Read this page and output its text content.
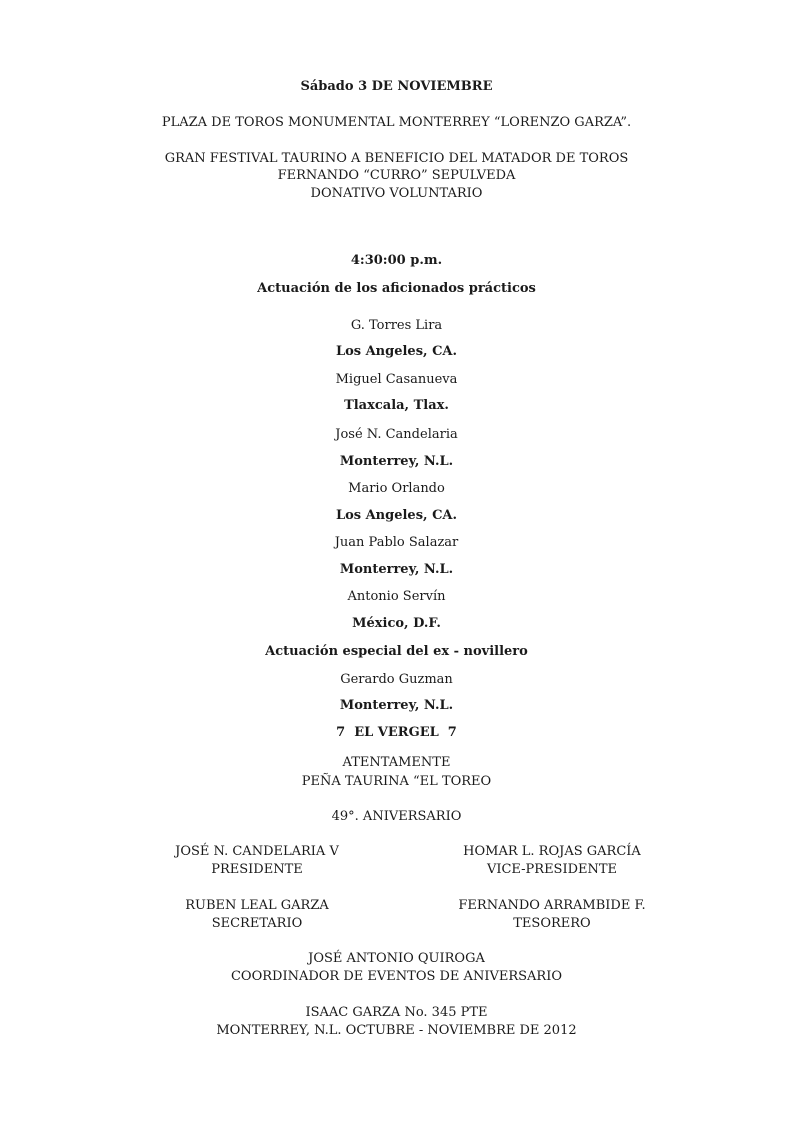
Sábado 3 DE NOVIEMBRE
PLAZA DE TOROS MONUMENTAL MONTERREY “LORENZO GARZA”.
GRAN FESTIVAL TAURINO A BENEFICIO DEL MATADOR DE TOROS
FERNANDO “CURRO” SEPULVEDA
DONATIVO VOLUNTARIO
4:30:00 p.m.
Actuación de los aficionados prácticos
G. Torres Lira
Los Angeles, CA.
Miguel Casanueva
Tlaxcala, Tlax.
José N. Candelaria
Monterrey, N.L.
Mario Orlando
Los Angeles, CA.
Juan Pablo Salazar
Monterrey, N.L.
Antonio Servín
México, D.F.
Actuación especial del ex - novillero
Gerardo Guzman
Monterrey, N.L.
7  EL VERGEL  7
ATENTAMENTE
PEÑA TAURINA “EL TOREO
49°. ANIVERSARIO
JOSÉ N. CANDELARIA V
PRESIDENTE
HOMAR L. ROJAS GARCÍA
VICE-PRESIDENTE
RUBEN LEAL GARZA
SECRETARIO
FERNANDO ARRAMBIDE F.
TESORERO
JOSÉ ANTONIO QUIROGA
COORDINADOR DE EVENTOS DE ANIVERSARIO
ISAAC GARZA No. 345 PTE
MONTERREY, N.L. OCTUBRE - NOVIEMBRE DE 2012
